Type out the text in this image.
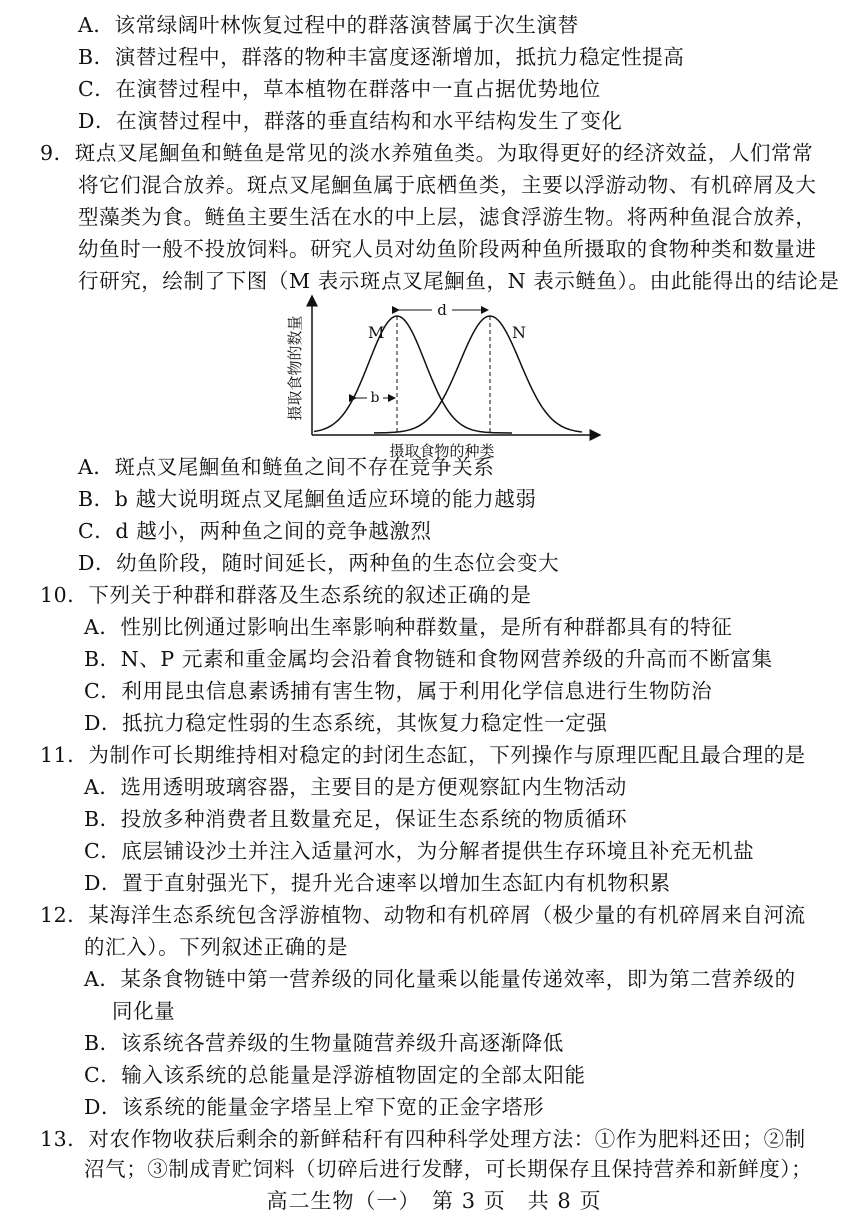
A．该常绿阔叶林恢复过程中的群落演替属于次生演替
B．演替过程中，群落的物种丰富度逐渐增加，抵抗力稳定性提高
C．在演替过程中，草本植物在群落中一直占据优势地位
D．在演替过程中，群落的垂直结构和水平结构发生了变化
9．斑点叉尾鮰鱼和鲢鱼是常见的淡水养殖鱼类。为取得更好的经济效益，人们常常
将它们混合放养。斑点叉尾鮰鱼属于底栖鱼类，主要以浮游动物、有机碎屑及大
型藻类为食。鲢鱼主要生活在水的中上层，滤食浮游生物。将两种鱼混合放养，
幼鱼时一般不投放饲料。研究人员对幼鱼阶段两种鱼所摄取的食物种类和数量进
行研究，绘制了下图（M 表示斑点叉尾鮰鱼，N 表示鲢鱼）。由此能得出的结论是
摄取食物的数量
摄取食物的种类
d
b
M	N
A．斑点叉尾鮰鱼和鲢鱼之间不存在竞争关系
B．b 越大说明斑点叉尾鮰鱼适应环境的能力越弱
C．d 越小，两种鱼之间的竞争越激烈
D．幼鱼阶段，随时间延长，两种鱼的生态位会变大
10．下列关于种群和群落及生态系统的叙述正确的是
A．性别比例通过影响出生率影响种群数量，是所有种群都具有的特征
B．N、P 元素和重金属均会沿着食物链和食物网营养级的升高而不断富集
C．利用昆虫信息素诱捕有害生物，属于利用化学信息进行生物防治
D．抵抗力稳定性弱的生态系统，其恢复力稳定性一定强
11．为制作可长期维持相对稳定的封闭生态缸，下列操作与原理匹配且最合理的是
A．选用透明玻璃容器，主要目的是方便观察缸内生物活动
B．投放多种消费者且数量充足，保证生态系统的物质循环
C．底层铺设沙土并注入适量河水，为分解者提供生存环境且补充无机盐
D．置于直射强光下，提升光合速率以增加生态缸内有机物积累
12．某海洋生态系统包含浮游植物、动物和有机碎屑（极少量的有机碎屑来自河流
的汇入）。下列叙述正确的是
A．某条食物链中第一营养级的同化量乘以能量传递效率，即为第二营养级的
同化量
B．该系统各营养级的生物量随营养级升高逐渐降低
C．输入该系统的总能量是浮游植物固定的全部太阳能
D．该系统的能量金字塔呈上窄下宽的正金字塔形
13．对农作物收获后剩余的新鲜秸秆有四种科学处理方法：①作为肥料还田；②制
沼气；③制成青贮饲料（切碎后进行发酵，可长期保存且保持营养和新鲜度）；
高二生物（一）　第 3 页　共 8 页
